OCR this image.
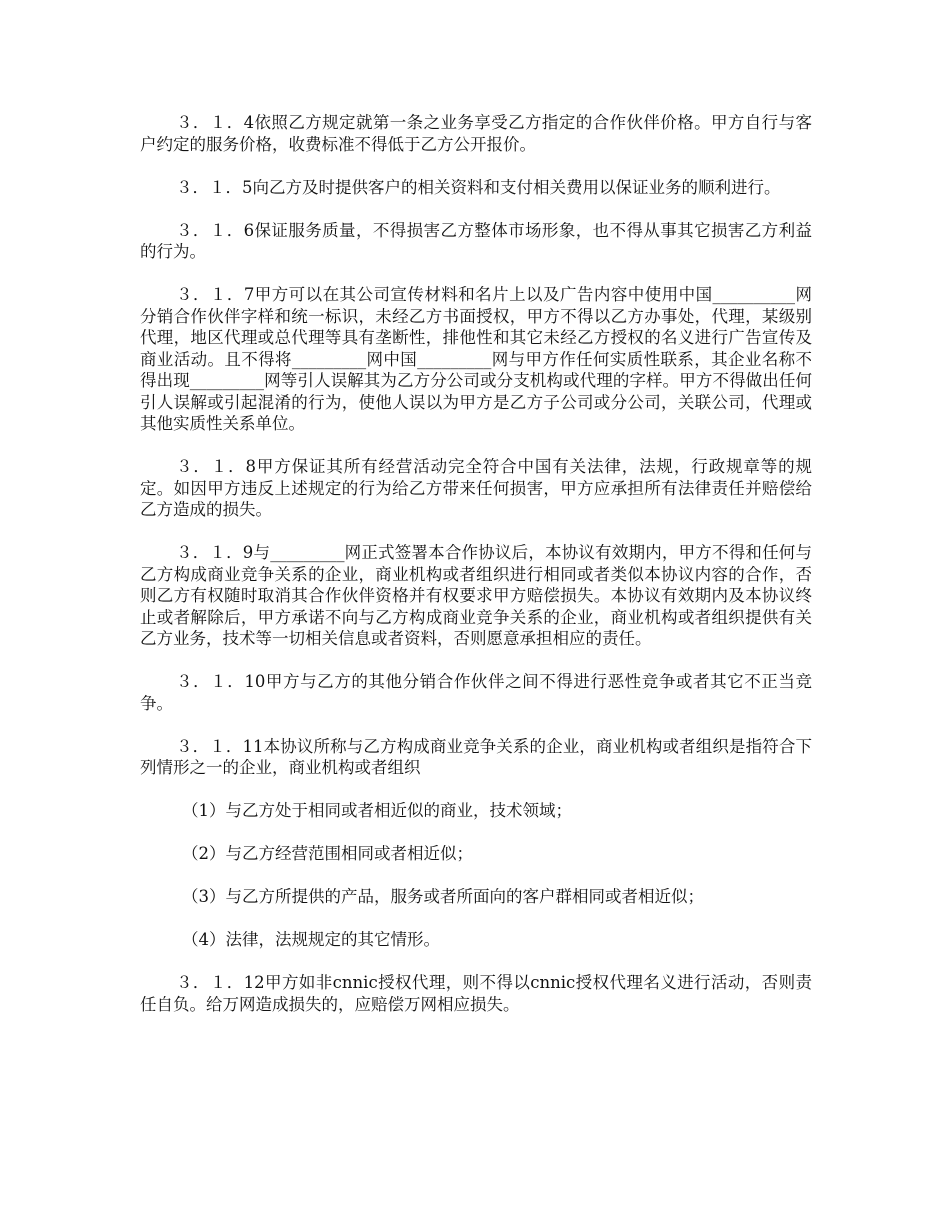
３．１．4依照乙方规定就第一条之业务享受乙方指定的合作伙伴价格。甲方自行与客户约定的服务价格，收费标准不得低于乙方公开报价。

３．１．5向乙方及时提供客户的相关资料和支付相关费用以保证业务的顺利进行。

３．１．6保证服务质量，不得损害乙方整体市场形象，也不得从事其它损害乙方利益的行为。

３．１．7甲方可以在其公司宣传材料和名片上以及广告内容中使用中国__________网分销合作伙伴字样和统一标识，未经乙方书面授权，甲方不得以乙方办事处，代理，某级别代理，地区代理或总代理等具有垄断性，排他性和其它未经乙方授权的名义进行广告宣传及商业活动。且不得将_________网中国_________网与甲方作任何实质性联系，其企业名称不得出现_________网等引人误解其为乙方分公司或分支机构或代理的字样。甲方不得做出任何引人误解或引起混淆的行为，使他人误以为甲方是乙方子公司或分公司，关联公司，代理或其他实质性关系单位。

３．１．8甲方保证其所有经营活动完全符合中国有关法律，法规，行政规章等的规定。如因甲方违反上述规定的行为给乙方带来任何损害，甲方应承担所有法律责任并赔偿给乙方造成的损失。

３．１．9与_________网正式签署本合作协议后，本协议有效期内，甲方不得和任何与乙方构成商业竞争关系的企业，商业机构或者组织进行相同或者类似本协议内容的合作，否则乙方有权随时取消其合作伙伴资格并有权要求甲方赔偿损失。本协议有效期内及本协议终止或者解除后，甲方承诺不向与乙方构成商业竞争关系的企业，商业机构或者组织提供有关乙方业务，技术等一切相关信息或者资料，否则愿意承担相应的责任。

３．１．10甲方与乙方的其他分销合作伙伴之间不得进行恶性竞争或者其它不正当竞争。

３．１．11本协议所称与乙方构成商业竞争关系的企业，商业机构或者组织是指符合下列情形之一的企业，商业机构或者组织

（1）与乙方处于相同或者相近似的商业，技术领域；

（2）与乙方经营范围相同或者相近似；

（3）与乙方所提供的产品，服务或者所面向的客户群相同或者相近似；

（4）法律，法规规定的其它情形。

３．１．12甲方如非cnnic授权代理，则不得以cnnic授权代理名义进行活动，否则责任自负。给万网造成损失的，应赔偿万网相应损失。
